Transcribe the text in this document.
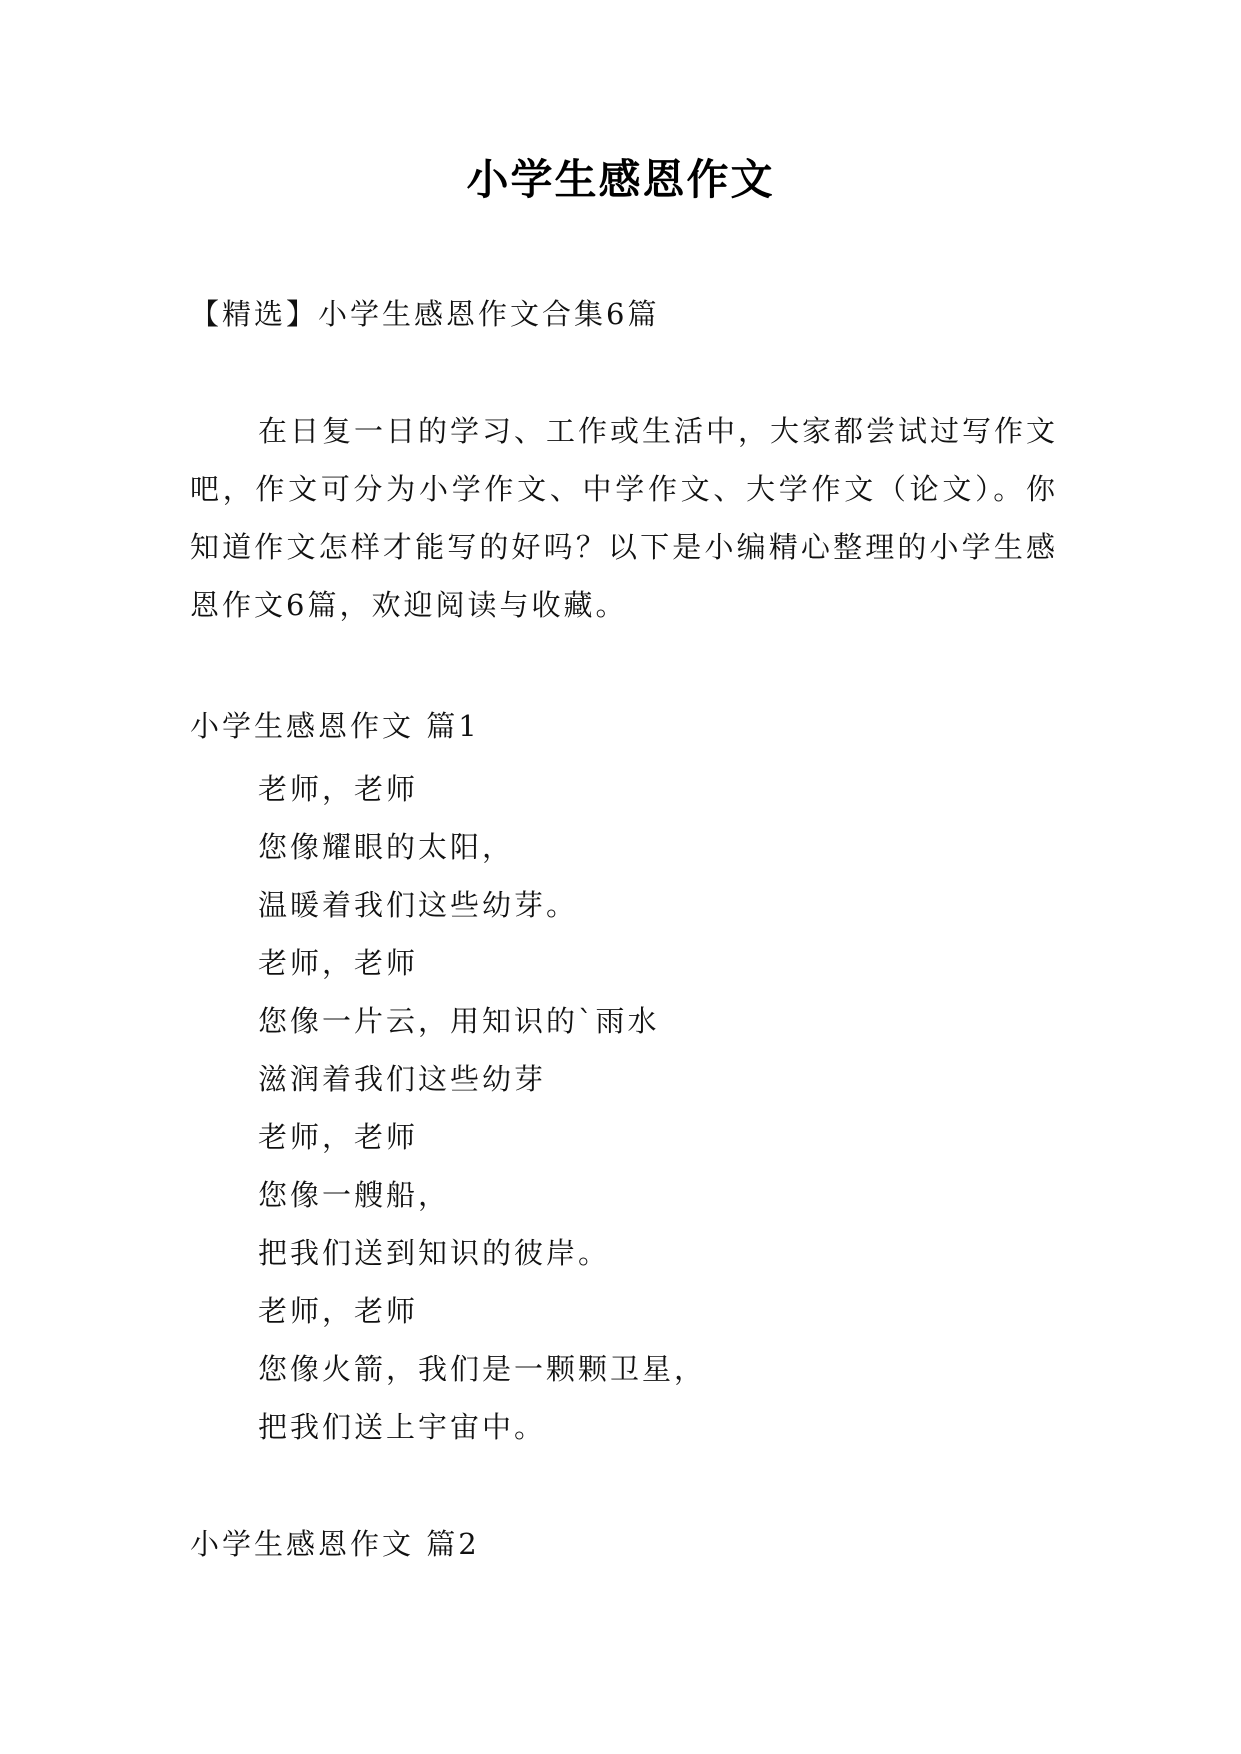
小学生感恩作文
【精选】小学生感恩作文合集6篇

在日复一日的学习、工作或生活中，大家都尝试过写作文吧，作文可分为小学作文、中学作文、大学作文（论文）。你知道作文怎样才能写的好吗？以下是小编精心整理的小学生感恩作文6篇，欢迎阅读与收藏。

小学生感恩作文 篇1

老师，老师

您像耀眼的太阳，

温暖着我们这些幼芽。

老师，老师

您像一片云，用知识的`雨水

滋润着我们这些幼芽

老师，老师

您像一艘船，

把我们送到知识的彼岸。

老师，老师

您像火箭，我们是一颗颗卫星，

把我们送上宇宙中。

小学生感恩作文 篇2
